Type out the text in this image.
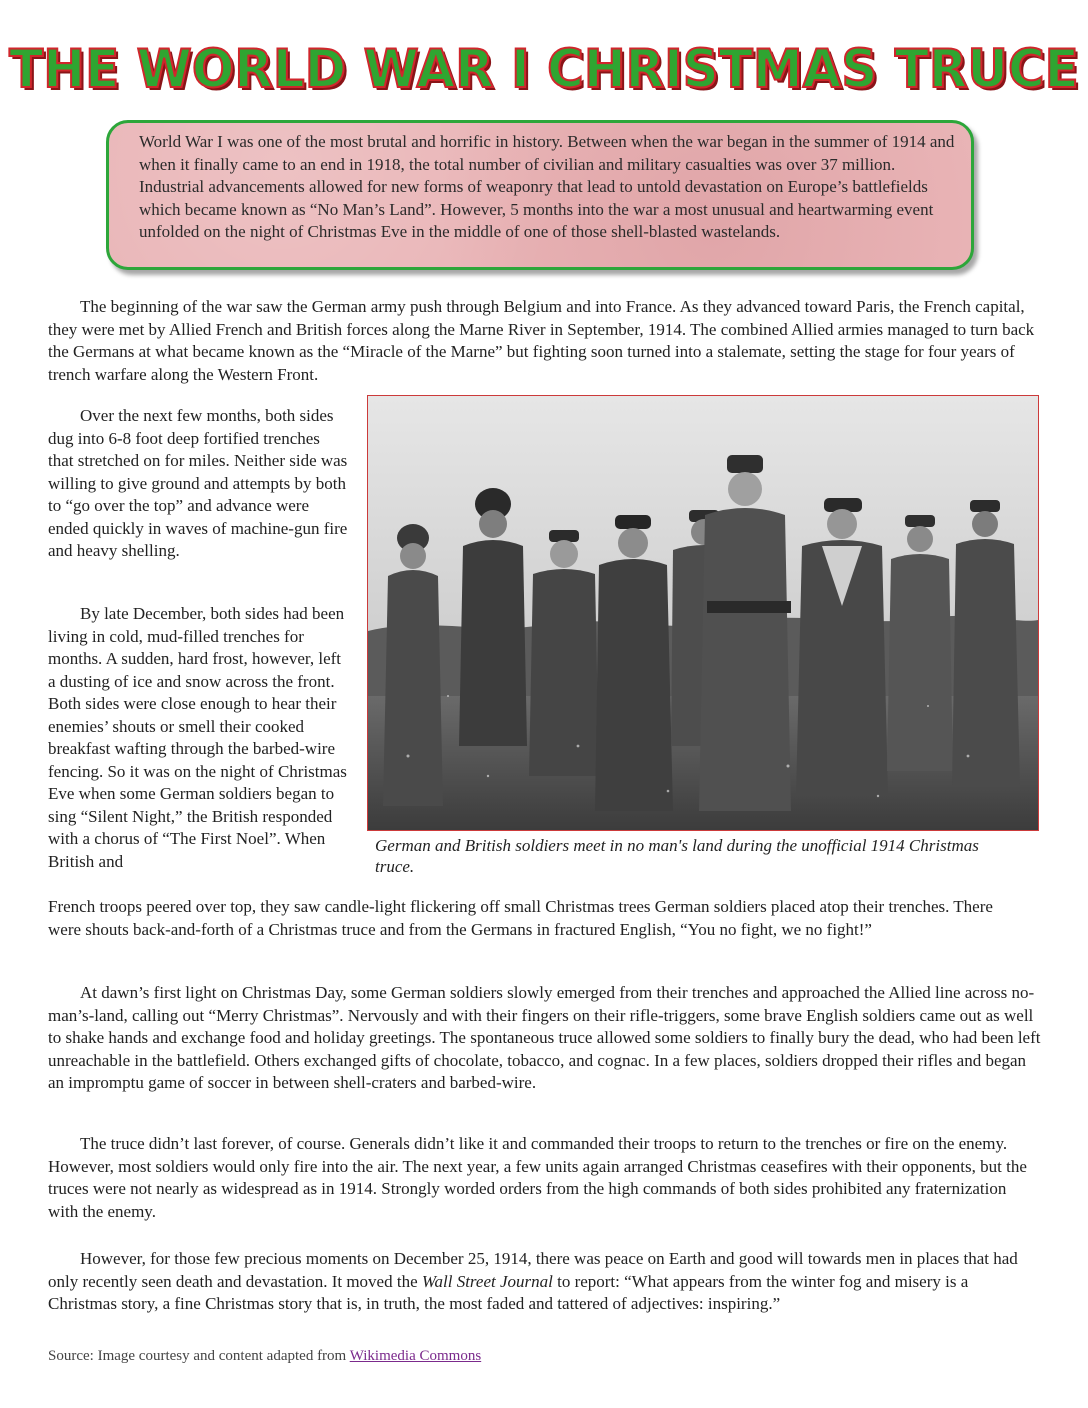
THE WORLD WAR I CHRISTMAS TRUCE
World War I was one of the most brutal and horrific in history. Between when the war began in the summer of 1914 and when it finally came to an end in 1918, the total number of civilian and military casualties was over 37 million. Industrial advancements allowed for new forms of weaponry that lead to untold devastation on Europe’s battlefields which became known as “No Man’s Land”. However, 5 months into the war a most unusual and heartwarming event unfolded on the night of Christmas Eve in the middle of one of those shell-blasted wastelands.

The beginning of the war saw the German army push through Belgium and into France. As they advanced toward Paris, the French capital, they were met by Allied French and British forces along the Marne River in September, 1914. The combined Allied armies managed to turn back the Germans at what became known as the “Miracle of the Marne” but fighting soon turned into a stalemate, setting the stage for four years of trench warfare along the Western Front.

Over the next few months, both sides dug into 6-8 foot deep fortified trenches that stretched on for miles. Neither side was willing to give ground and attempts by both to “go over the top” and advance were ended quickly in waves of machine-gun fire and heavy shelling.

By late December, both sides had been living in cold, mud-filled trenches for months. A sudden, hard frost, however, left a dusting of ice and snow across the front. Both sides were close enough to hear their enemies’ shouts or smell their cooked breakfast wafting through the barbed-wire fencing. So it was on the night of Christmas Eve when some German soldiers began to sing “Silent Night,” the British responded with a chorus of “The First Noel”. When British and

German and British soldiers meet in no man's land during the unofficial 1914 Christmas truce.

French troops peered over top, they saw candle-light flickering off small Christmas trees German soldiers placed atop their trenches. There were shouts back-and-forth of a Christmas truce and from the Germans in fractured English, “You no fight, we no fight!”

At dawn’s first light on Christmas Day, some German soldiers slowly emerged from their trenches and approached the Allied line across no-man’s-land, calling out “Merry Christmas”. Nervously and with their fingers on their rifle-triggers, some brave English soldiers came out as well to shake hands and exchange food and holiday greetings. The spontaneous truce allowed some soldiers to finally bury the dead, who had been left unreachable in the battlefield. Others exchanged gifts of chocolate, tobacco, and cognac. In a few places, soldiers dropped their rifles and began an impromptu game of soccer in between shell-craters and barbed-wire.

The truce didn’t last forever, of course. Generals didn’t like it and commanded their troops to return to the trenches or fire on the enemy. However, most soldiers would only fire into the air. The next year, a few units again arranged Christmas ceasefires with their opponents, but the truces were not nearly as widespread as in 1914. Strongly worded orders from the high commands of both sides prohibited any fraternization with the enemy.

However, for those few precious moments on December 25, 1914, there was peace on Earth and good will towards men in places that had only recently seen death and devastation. It moved the Wall Street Journal to report: “What appears from the winter fog and misery is a Christmas story, a fine Christmas story that is, in truth, the most faded and tattered of adjectives: inspiring.”

Source: Image courtesy and content adapted from Wikimedia Commons
